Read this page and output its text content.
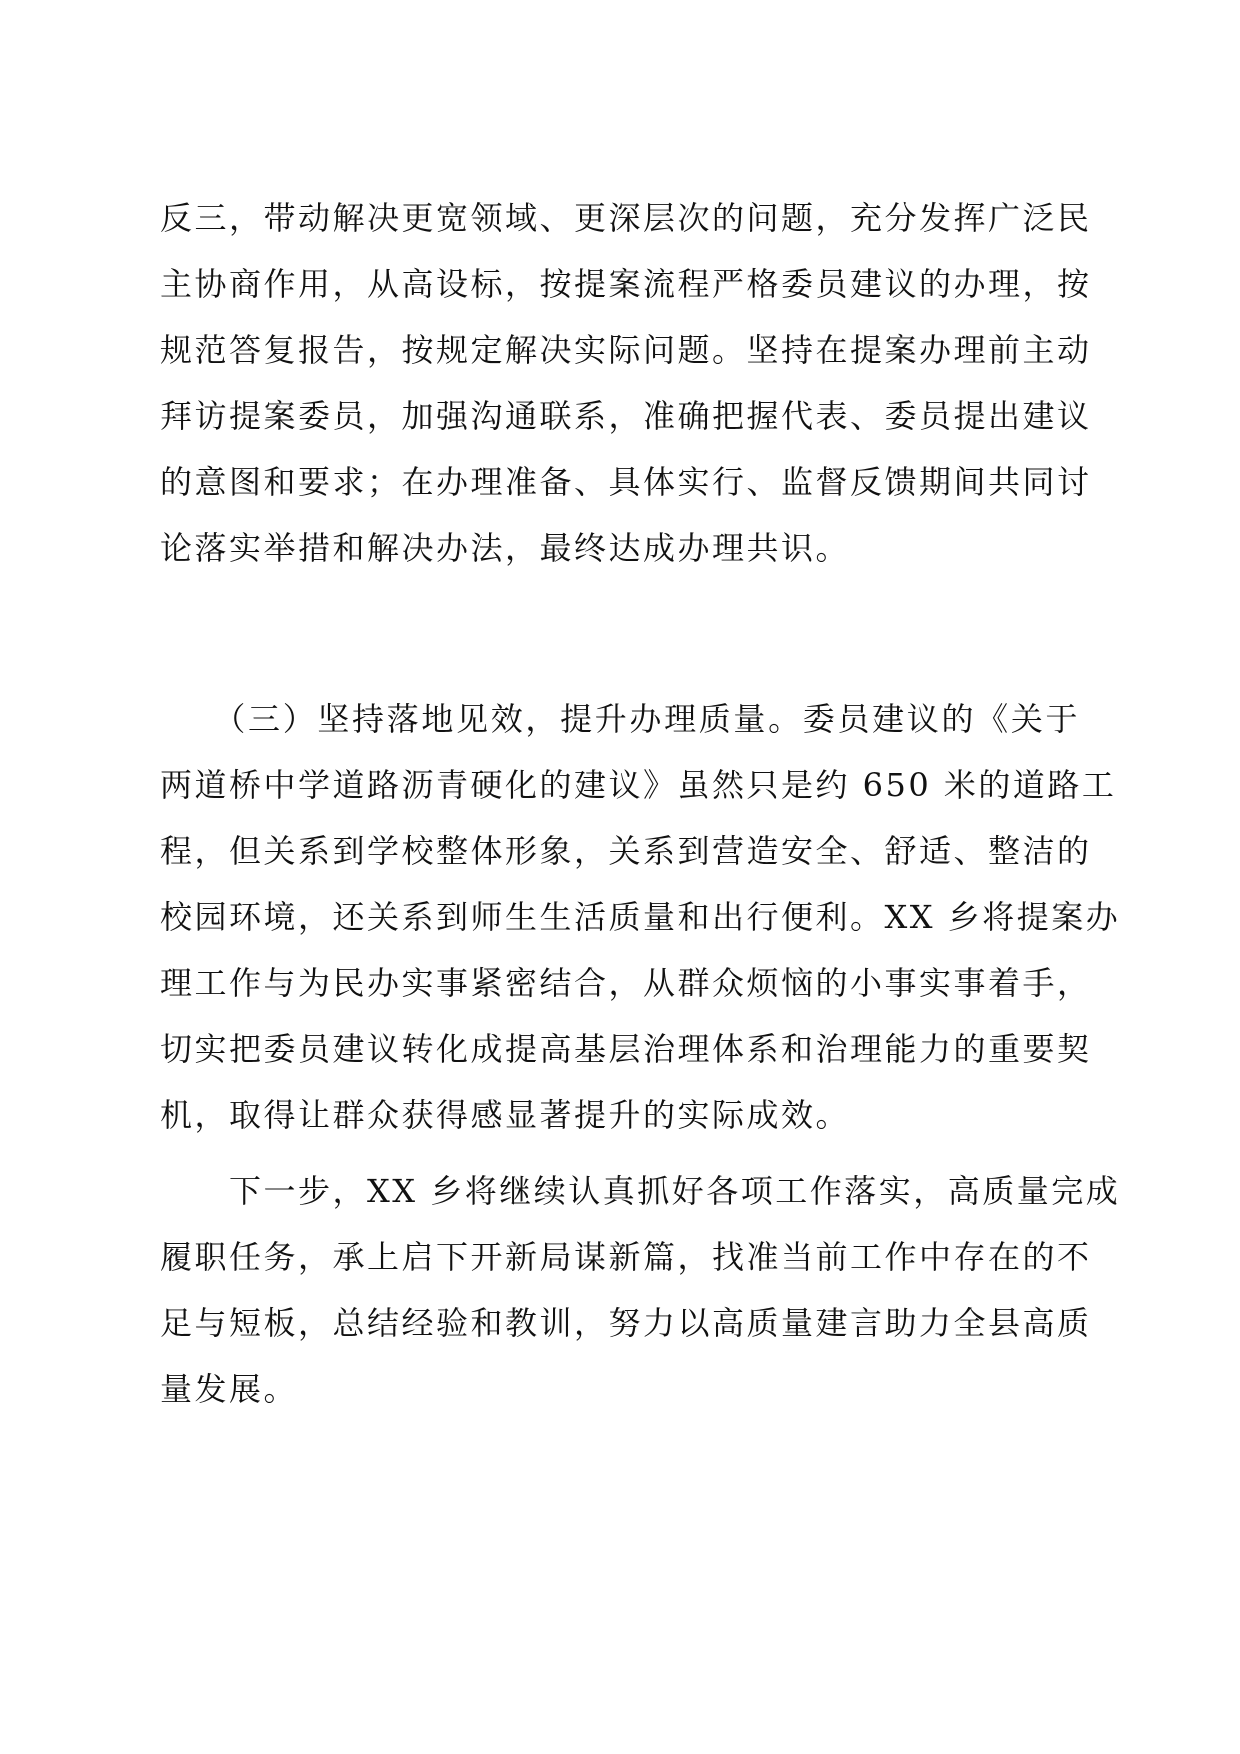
反三，带动解决更宽领域、更深层次的问题，充分发挥广泛民
主协商作用，从高设标，按提案流程严格委员建议的办理，按
规范答复报告，按规定解决实际问题。坚持在提案办理前主动
拜访提案委员，加强沟通联系，准确把握代表、委员提出建议
的意图和要求；在办理准备、具体实行、监督反馈期间共同讨
论落实举措和解决办法，最终达成办理共识。
　　（三）坚持落地见效，提升办理质量。委员建议的《关于
两道桥中学道路沥青硬化的建议》虽然只是约 650 米的道路工
程，但关系到学校整体形象，关系到营造安全、舒适、整洁的
校园环境，还关系到师生生活质量和出行便利。XX 乡将提案办
理工作与为民办实事紧密结合，从群众烦恼的小事实事着手，
切实把委员建议转化成提高基层治理体系和治理能力的重要契
机，取得让群众获得感显著提升的实际成效。
　　下一步，XX 乡将继续认真抓好各项工作落实，高质量完成
履职任务，承上启下开新局谋新篇，找准当前工作中存在的不
足与短板，总结经验和教训，努力以高质量建言助力全县高质
量发展。
